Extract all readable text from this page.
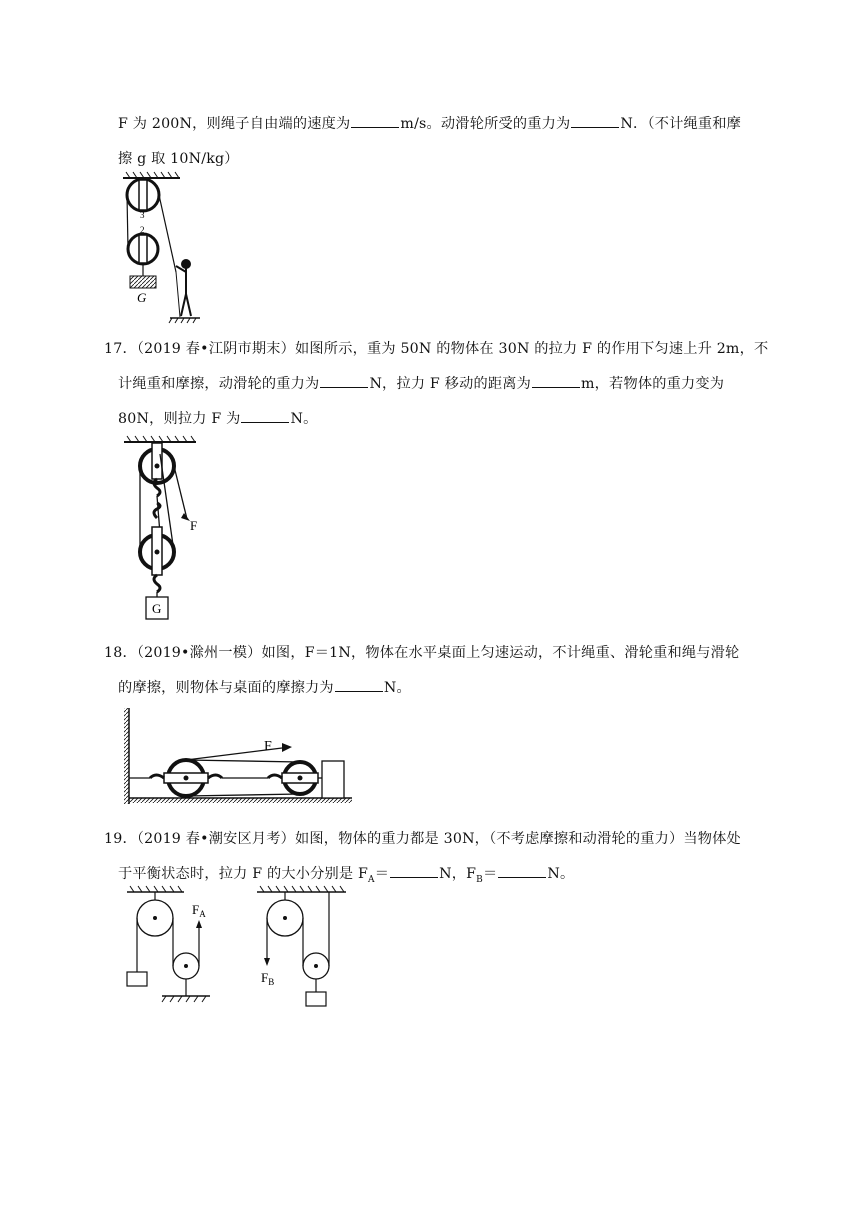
F 为 200N，则绳子自由端的速度为	m/s。动滑轮所受的重力为	N．（不计绳重和摩
擦 g 取 10N/kg）
3
2
G
17．（2019 春•江阴市期末）如图所示，重为 50N 的物体在 30N 的拉力 F 的作用下匀速上升 2m，不
计绳重和摩擦，动滑轮的重力为	N，拉力 F 移动的距离为	m，若物体的重力变为
80N，则拉力 F 为	N。
F
G
18．（2019•滁州一模）如图，F＝1N，物体在水平桌面上匀速运动，不计绳重、滑轮重和绳与滑轮
的摩擦，则物体与桌面的摩擦力为	N。
F
19．（2019 春•潮安区月考）如图，物体的重力都是 30N，（不考虑摩擦和动滑轮的重力）当物体处
于平衡状态时，拉力 F 的大小分别是 $F_A=$	N，$F_B=$	N。
$F_A$
$F_B$
